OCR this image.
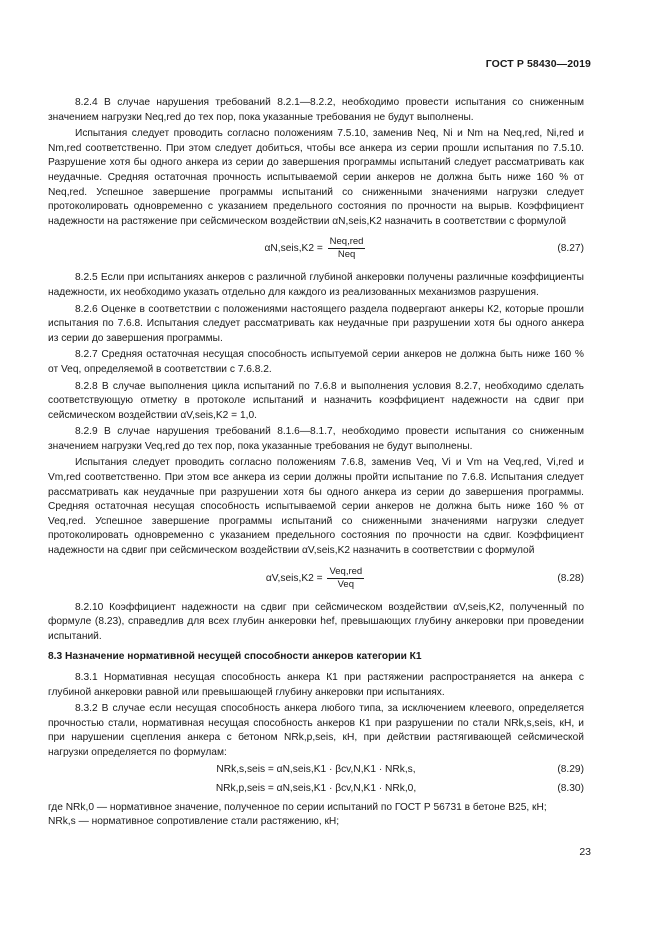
ГОСТ Р 58430—2019

8.2.4 В случае нарушения требований 8.2.1—8.2.2, необходимо провести испытания со сниженным значением нагрузки Neq,red до тех пор, пока указанные требования не будут выполнены.

Испытания следует проводить согласно положениям 7.5.10, заменив Neq, Ni и Nm на Neq,red, Ni,red и Nm,red соответственно. При этом следует добиться, чтобы все анкера из серии прошли испытания по 7.5.10. Разрушение хотя бы одного анкера из серии до завершения программы испытаний следует рассматривать как неудачные. Средняя остаточная прочность испытываемой серии анкеров не должна быть ниже 160 % от Neq,red. Успешное завершение программы испытаний со сниженными значениями нагрузки следует протоколировать одновременно с указанием предельного состояния по прочности на вырыв. Коэффициент надежности на растяжение при сейсмическом воздействии αN,seis,K2 назначить в соответствии с формулой

αN,seis,K2 = $\frac{\text{Neq,red}}{\text{Neq}}$	(8.27)

8.2.5 Если при испытаниях анкеров с различной глубиной анкеровки получены различные коэффициенты надежности, их необходимо указать отдельно для каждого из реализованных механизмов разрушения.

8.2.6 Оценке в соответствии с положениями настоящего раздела подвергают анкеры К2, которые прошли испытания по 7.6.8. Испытания следует рассматривать как неудачные при разрушении хотя бы одного анкера из серии до завершения программы.

8.2.7 Средняя остаточная несущая способность испытуемой серии анкеров не должна быть ниже 160 % от Veq, определяемой в соответствии с 7.6.8.2.

8.2.8 В случае выполнения цикла испытаний по 7.6.8 и выполнения условия 8.2.7, необходимо сделать соответствующую отметку в протоколе испытаний и назначить коэффициент надежности на сдвиг при сейсмическом воздействии αV,seis,K2 = 1,0.

8.2.9 В случае нарушения требований 8.1.6—8.1.7, необходимо провести испытания со сниженным значением нагрузки Veq,red до тех пор, пока указанные требования не будут выполнены.

Испытания следует проводить согласно положениям 7.6.8, заменив Veq, Vi и Vm на Veq,red, Vi,red и Vm,red соответственно. При этом все анкера из серии должны пройти испытание по 7.6.8. Испытания следует рассматривать как неудачные при разрушении хотя бы одного анкера из серии до завершения программы. Средняя остаточная несущая способность испытываемой серии анкеров не должна быть ниже 160 % от Veq,red. Успешное завершение программы испытаний со сниженными значениями нагрузки следует протоколировать одновременно с указанием предельного состояния по прочности на сдвиг. Коэффициент надежности на сдвиг при сейсмическом воздействии αV,seis,K2 назначить в соответствии с формулой

αV,seis,K2 = $\frac{\text{Veq,red}}{\text{Veq}}$	(8.28)

8.2.10 Коэффициент надежности на сдвиг при сейсмическом воздействии αV,seis,K2, полученный по формуле (8.23), справедлив для всех глубин анкеровки hef, превышающих глубину анкеровки при проведении испытаний.

8.3 Назначение нормативной несущей способности анкеров категории К1

8.3.1 Нормативная несущая способность анкера К1 при растяжении распространяется на анкера с глубиной анкеровки равной или превышающей глубину анкеровки при испытаниях.

8.3.2 В случае если несущая способность анкера любого типа, за исключением клеевого, определяется прочностью стали, нормативная несущая способность анкеров К1 при разрушении по стали NRk,s,seis, кН, и при нарушении сцепления анкера с бетоном NRk,p,seis, кН, при действии растягивающей сейсмической нагрузки определяется по формулам:

NRk,s,seis = αN,seis,K1 · βcv,N,K1 · NRk,s,	(8.29)
NRk,p,seis = αN,seis,K1 · βcv,N,K1 · NRk,0,	(8.30)

где NRk,0 — нормативное значение, полученное по серии испытаний по ГОСТ Р 56731 в бетоне В25, кН;

NRk,s — нормативное сопротивление стали растяжению, кН;

23
